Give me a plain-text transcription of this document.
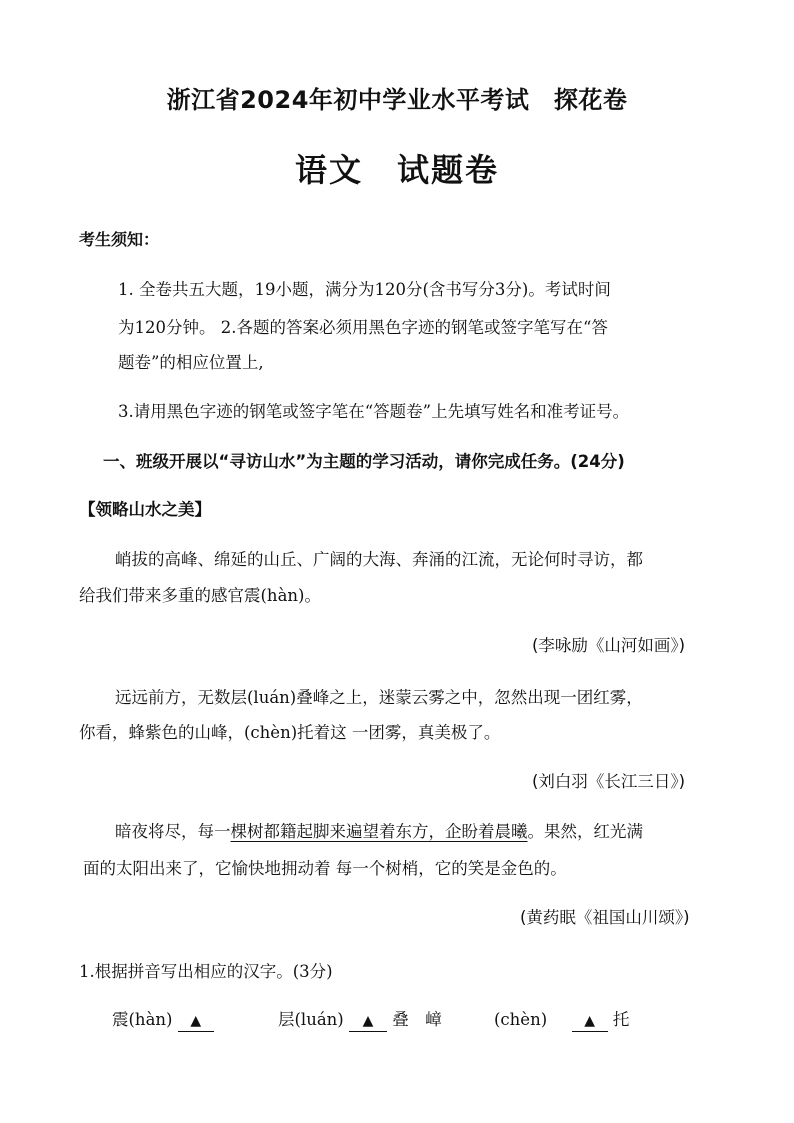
浙江省2024年初中学业水平考试　探花卷
语文　试题卷
考生须知：
1. 全卷共五大题，19小题，满分为120分(含书写分3分)。考试时间
为120分钟。 2.各题的答案必须用黑色字迹的钢笔或签字笔写在“答
题卷”的相应位置上,
3.请用黑色字迹的钢笔或签字笔在“答题卷”上先填写姓名和准考证号。
一、班级开展以“寻访山水”为主题的学习活动，请你完成任务。(24分)
【领略山水之美】
峭拔的高峰、绵延的山丘、广阔的大海、奔涌的江流，无论何时寻访，都
给我们带来多重的感官震(hàn)。
(李咏励《山河如画》)
远远前方，无数层(luán)叠峰之上，迷蒙云雾之中，忽然出现一团红雾，
你看，蜂紫色的山峰，(chèn)托着这 一团雾，真美极了。
(刘白羽《长江三日》)
暗夜将尽，每一棵树都籍起脚来遍望着东方，企盼着晨曦。果然，红光满
面的太阳出来了，它愉快地拥动着 每一个树梢，它的笑是金色的。
(黄药眠《祖国山川颂》)
1.根据拼音写出相应的汉字。(3分)
震(hàn) ▲	层(luán) ▲ 叠　嶂	(chèn)	▲ 托
